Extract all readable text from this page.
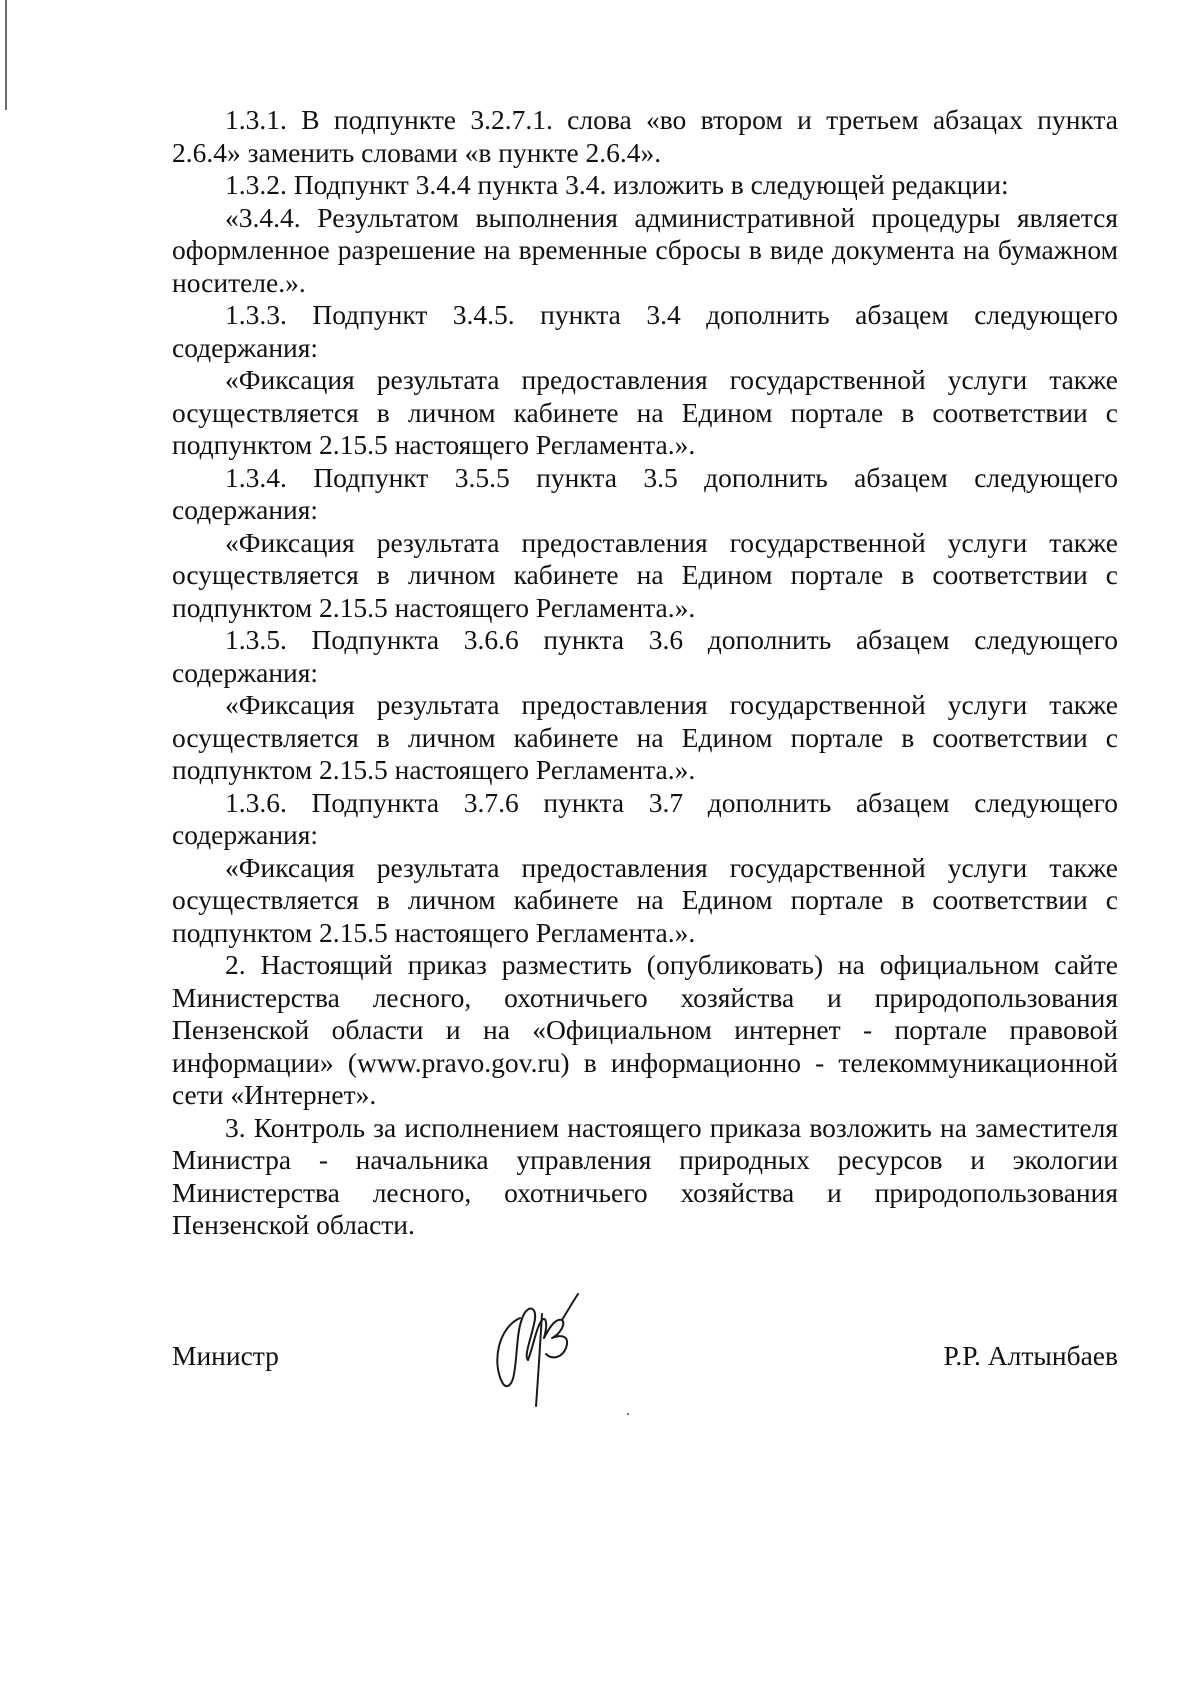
1.3.1. В подпункте 3.2.7.1. слова «во втором и третьем абзацах пункта 2.6.4» заменить словами «в пункте 2.6.4».

1.3.2. Подпункт 3.4.4 пункта 3.4. изложить в следующей редакции:

«3.4.4. Результатом выполнения административной процедуры является оформленное разрешение на временные сбросы в виде документа на бумажном носителе.».

1.3.3. Подпункт 3.4.5. пункта 3.4 дополнить абзацем следующего содержания:

«Фиксация результата предоставления государственной услуги также осуществляется в личном кабинете на Едином портале в соответствии с подпунктом 2.15.5 настоящего Регламента.».

1.3.4. Подпункт 3.5.5 пункта 3.5 дополнить абзацем следующего содержания:

«Фиксация результата предоставления государственной услуги также осуществляется в личном кабинете на Едином портале в соответствии с подпунктом 2.15.5 настоящего Регламента.».

1.3.5. Подпункта 3.6.6 пункта 3.6 дополнить абзацем следующего содержания:

«Фиксация результата предоставления государственной услуги также осуществляется в личном кабинете на Едином портале в соответствии с подпунктом 2.15.5 настоящего Регламента.».

1.3.6. Подпункта 3.7.6 пункта 3.7 дополнить абзацем следующего содержания:

«Фиксация результата предоставления государственной услуги также осуществляется в личном кабинете на Едином портале в соответствии с подпунктом 2.15.5 настоящего Регламента.».

2. Настоящий приказ разместить (опубликовать) на официальном сайте Министерства лесного, охотничьего хозяйства и природопользования Пензенской области и на «Официальном интернет - портале правовой информации» (www.pravo.gov.ru) в информационно - телекоммуникационной сети «Интернет».

3. Контроль за исполнением настоящего приказа возложить на заместителя Министра - начальника управления природных ресурсов и экологии Министерства лесного, охотничьего хозяйства и природопользования Пензенской области.

Министр	Р.Р. Алтынбаев
